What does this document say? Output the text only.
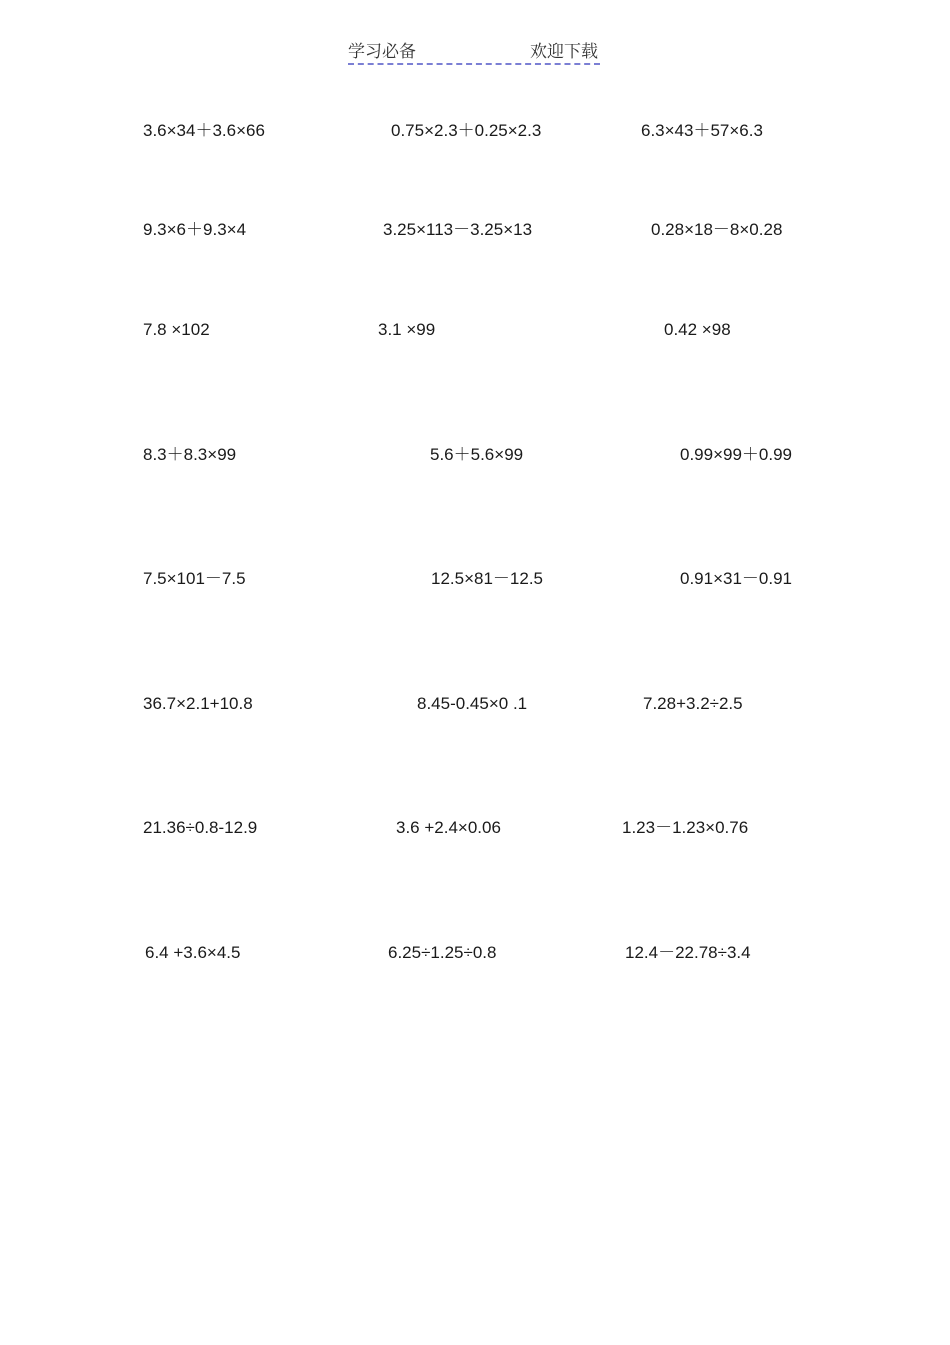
学习必备	欢迎下载
3.6×34＋3.6×66	0.75×2.3＋0.25×2.3	6.3×43＋57×6.3
9.3×6＋9.3×4	3.25×113－3.25×13	0.28×18－8×0.28
7.8 ×102	3.1 ×99	0.42 ×98
8.3＋8.3×99	5.6＋5.6×99	0.99×99＋0.99
7.5×101－7.5	12.5×81－12.5	0.91×31－0.91
36.7×2.1+10.8	8.45-0.45×0 .1	7.28+3.2÷2.5
21.36÷0.8-12.9	3.6 +2.4×0.06	1.23－1.23×0.76
6.4 +3.6×4.5	6.25÷1.25÷0.8	12.4－22.78÷3.4
